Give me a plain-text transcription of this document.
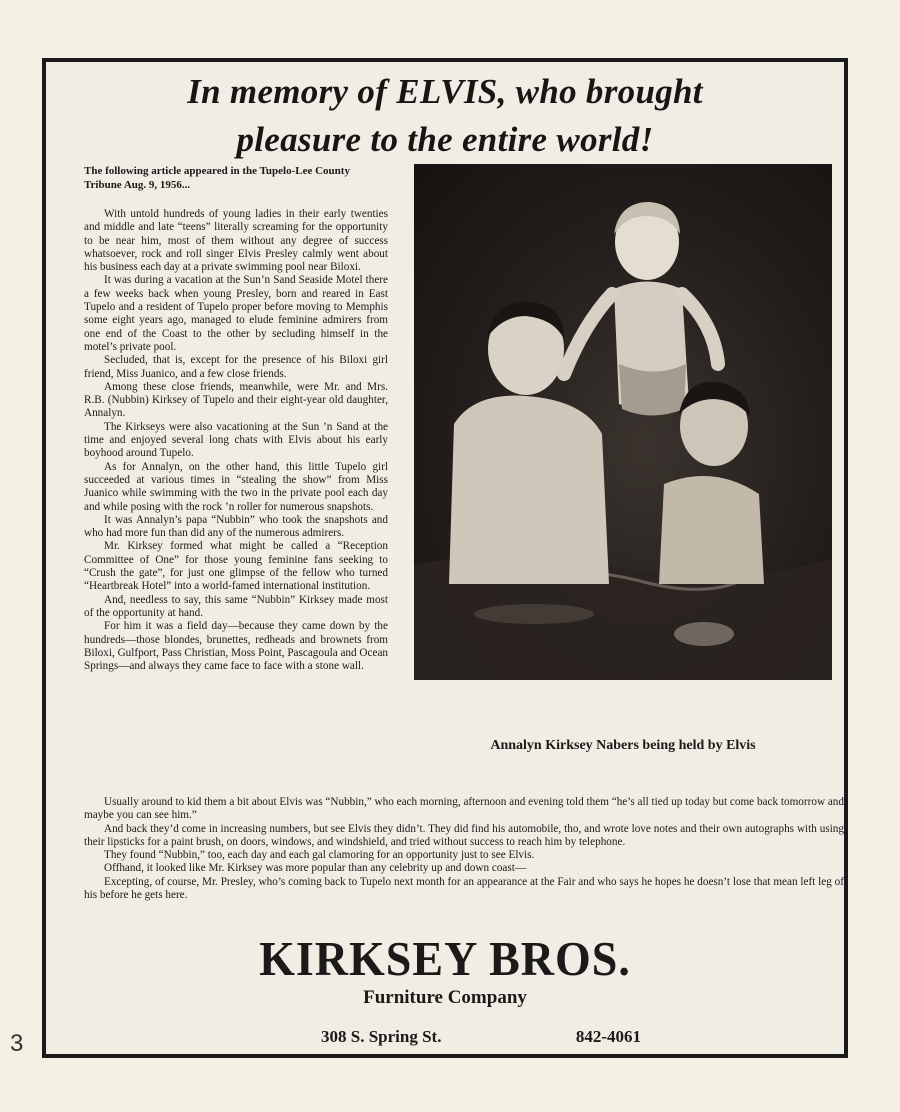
3
In memory of ELVIS, who brought
pleasure to the entire world!
The following article appeared in the Tupelo-Lee County Tribune Aug. 9, 1956...

With untold hundreds of young ladies in their early twenties and middle and late “teens” literally screaming for the opportunity to be near him, most of them without any degree of success whatsoever, rock and roll singer Elvis Presley calmly went about his business each day at a private swimming pool near Biloxi.

It was during a vacation at the Sun’n Sand Seaside Motel there a few weeks back when young Presley, born and reared in East Tupelo and a resident of Tupelo proper before moving to Memphis some eight years ago, managed to elude feminine admirers from one end of the Coast to the other by secluding himself in the motel’s private pool.

Secluded, that is, except for the presence of his Biloxi girl friend, Miss Juanico, and a few close friends.

Among these close friends, meanwhile, were Mr. and Mrs. R.B. (Nubbin) Kirksey of Tupelo and their eight-year old daughter, Annalyn.

The Kirkseys were also vacationing at the Sun ’n Sand at the time and enjoyed several long chats with Elvis about his early boyhood around Tupelo.

As for Annalyn, on the other hand, this little Tupelo girl succeeded at various times in “stealing the show” from Miss Juanico while swimming with the two in the private pool each day and while posing with the rock ’n roller for numerous snapshots.

It was Annalyn’s papa “Nubbin” who took the snapshots and who had more fun than did any of the numerous admirers.

Mr. Kirksey formed what might be called a “Reception Committee of One” for those young feminine fans seeking to “Crush the gate”, for just one glimpse of the fellow who turned “Heartbreak Hotel” into a world-famed international institution.

And, needless to say, this same “Nubbin” Kirksey made most of the opportunity at hand.

For him it was a field day—because they came down by the hundreds—those blondes, brunettes, redheads and brownets from Biloxi, Gulfport, Pass Christian, Moss Point, Pascagoula and Ocean Springs—and always they came face to face with a stone wall.

Annalyn Kirksey Nabers being held by Elvis

Usually around to kid them a bit about Elvis was “Nubbin,” who each morning, afternoon and evening told them “he’s all tied up today but come back tomorrow and maybe you can see him.”

And back they’d come in increasing numbers, but see Elvis they didn’t. They did find his automobile, tho, and wrote love notes and their own autographs with using their lipsticks for a paint brush, on doors, windows, and windshield, and tried without success to reach him by telephone.

They found “Nubbin,” too, each day and each gal clamoring for an opportunity just to see Elvis.

Offhand, it looked like Mr. Kirksey was more popular than any celebrity up and down coast—

Excepting, of course, Mr. Presley, who’s coming back to Tupelo next month for an appearance at the Fair and who says he hopes he doesn’t lose that mean left leg of his before he gets here.

KIRKSEY BROS.
Furniture Company
308 S. Spring St.	842-4061
